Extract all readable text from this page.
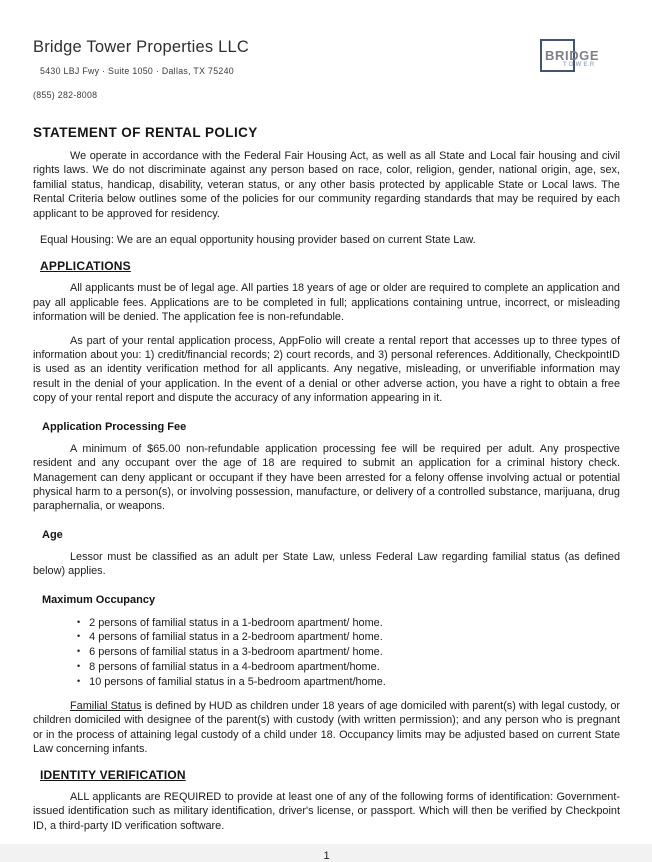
Bridge Tower Properties LLC
5430 LBJ Fwy · Suite 1050 · Dallas, TX 75240
(855) 282-8008
BRIDGE
TOWER
STATEMENT OF RENTAL POLICY

We operate in accordance with the Federal Fair Housing Act, as well as all State and Local fair housing and civil rights laws. We do not discriminate against any person based on race, color, religion, gender, national origin, age, sex, familial status, handicap, disability, veteran status, or any other basis protected by applicable State or Local laws. The Rental Criteria below outlines some of the policies for our community regarding standards that may be required by each applicant to be approved for residency.

Equal Housing: We are an equal opportunity housing provider based on current State Law.

APPLICATIONS

All applicants must be of legal age. All parties 18 years of age or older are required to complete an application and pay all applicable fees. Applications are to be completed in full; applications containing untrue, incorrect, or misleading information will be denied. The application fee is non-refundable.

As part of your rental application process, AppFolio will create a rental report that accesses up to three types of information about you: 1) credit/financial records; 2) court records, and 3) personal references. Additionally, CheckpointID is used as an identity verification method for all applicants. Any negative, misleading, or unverifiable information may result in the denial of your application. In the event of a denial or other adverse action, you have a right to obtain a free copy of your rental report and dispute the accuracy of any information appearing in it.

Application Processing Fee

A minimum of $65.00 non-refundable application processing fee will be required per adult. Any prospective resident and any occupant over the age of 18 are required to submit an application for a criminal history check. Management can deny applicant or occupant if they have been arrested for a felony offense involving actual or potential physical harm to a person(s), or involving possession, manufacture, or delivery of a controlled substance, marijuana, drug paraphernalia, or weapons.

Age

Lessor must be classified as an adult per State Law, unless Federal Law regarding familial status (as defined below) applies.

Maximum Occupancy
• 2 persons of familial status in a 1-bedroom apartment/ home.
• 4 persons of familial status in a 2-bedroom apartment/ home.
• 6 persons of familial status in a 3-bedroom apartment/ home.
• 8 persons of familial status in a 4-bedroom apartment/home.
• 10 persons of familial status in a 5-bedroom apartment/home.

Familial Status is defined by HUD as children under 18 years of age domiciled with parent(s) with legal custody, or children domiciled with designee of the parent(s) with custody (with written permission); and any person who is pregnant or in the process of attaining legal custody of a child under 18. Occupancy limits may be adjusted based on current State Law concerning infants.

IDENTITY VERIFICATION

ALL applicants are REQUIRED to provide at least one of any of the following forms of identification: Government-issued identification such as military identification, driver's license, or passport. Which will then be verified by Checkpoint ID, a third-party ID verification software.

1
